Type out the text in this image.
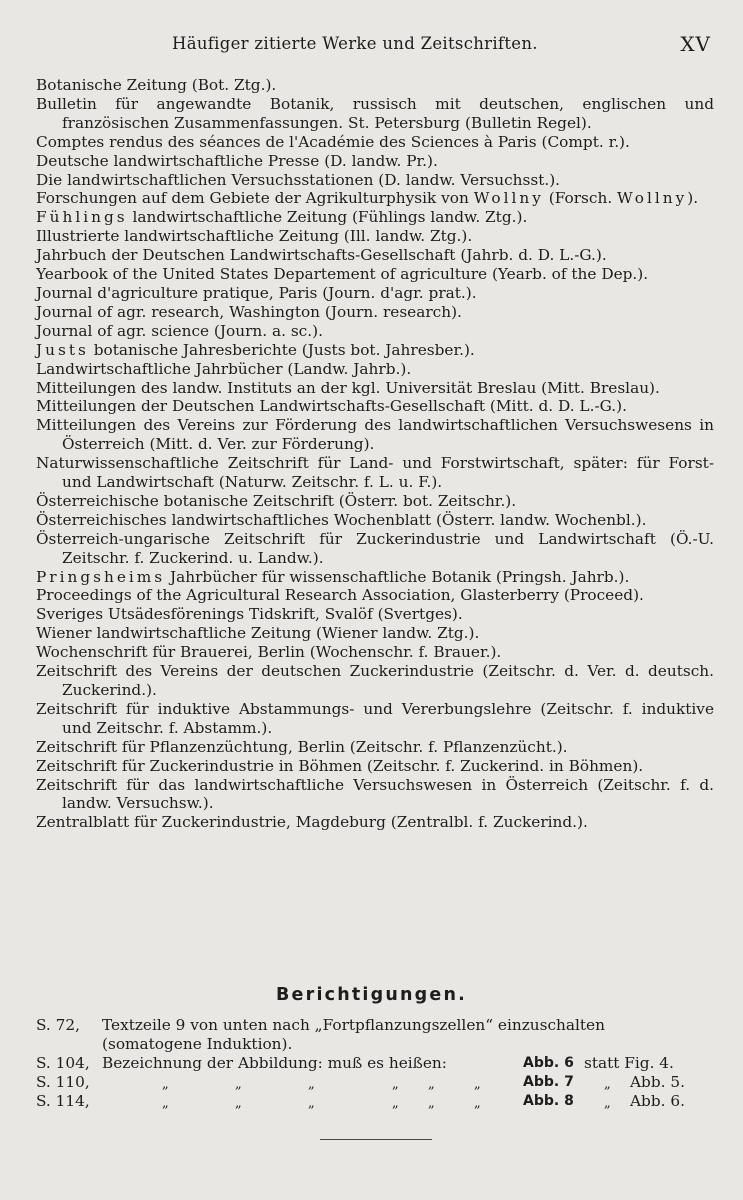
Häufiger zitierte Werke und Zeitschriften.	XV
Botanische Zeitung (Bot. Ztg.).
Bulletin für angewandte Botanik, russisch mit deutschen, englischen und französischen Zusammenfassungen. St. Petersburg (Bulletin Regel).
Comptes rendus des séances de l'Académie des Sciences à Paris (Compt. r.).
Deutsche landwirtschaftliche Presse (D. landw. Pr.).
Die landwirtschaftlichen Versuchsstationen (D. landw. Versuchsst.).
Forschungen auf dem Gebiete der Agrikulturphysik von Wollny (Forsch. Wollny).
Fühlings landwirtschaftliche Zeitung (Fühlings landw. Ztg.).
Illustrierte landwirtschaftliche Zeitung (Ill. landw. Ztg.).
Jahrbuch der Deutschen Landwirtschafts-Gesellschaft (Jahrb. d. D. L.-G.).
Yearbook of the United States Departement of agriculture (Yearb. of the Dep.).
Journal d'agriculture pratique, Paris (Journ. d'agr. prat.).
Journal of agr. research, Washington (Journ. research).
Journal of agr. science (Journ. a. sc.).
Justs botanische Jahresberichte (Justs bot. Jahresber.).
Landwirtschaftliche Jahrbücher (Landw. Jahrb.).
Mitteilungen des landw. Instituts an der kgl. Universität Breslau (Mitt. Breslau).
Mitteilungen der Deutschen Landwirtschafts-Gesellschaft (Mitt. d. D. L.-G.).
Mitteilungen des Vereins zur Förderung des landwirtschaftlichen Versuchswesens in Österreich (Mitt. d. Ver. zur Förderung).
Naturwissenschaftliche Zeitschrift für Land- und Forstwirtschaft, später: für Forst- und Landwirtschaft (Naturw. Zeitschr. f. L. u. F.).
Österreichische botanische Zeitschrift (Österr. bot. Zeitschr.).
Österreichisches landwirtschaftliches Wochenblatt (Österr. landw. Wochenbl.).
Österreich-ungarische Zeitschrift für Zuckerindustrie und Landwirtschaft (Ö.-U. Zeitschr. f. Zuckerind. u. Landw.).
Pringsheims Jahrbücher für wissenschaftliche Botanik (Pringsh. Jahrb.).
Proceedings of the Agricultural Research Association, Glasterberry (Proceed).
Sveriges Utsädesförenings Tidskrift, Svalöf (Svertges).
Wiener landwirtschaftliche Zeitung (Wiener landw. Ztg.).
Wochenschrift für Brauerei, Berlin (Wochenschr. f. Brauer.).
Zeitschrift des Vereins der deutschen Zuckerindustrie (Zeitschr. d. Ver. d. deutsch. Zuckerind.).
Zeitschrift für induktive Abstammungs- und Vererbungslehre (Zeitschr. f. induktive und Zeitschr. f. Abstamm.).
Zeitschrift für Pflanzenzüchtung, Berlin (Zeitschr. f. Pflanzenzücht.).
Zeitschrift für Zuckerindustrie in Böhmen (Zeitschr. f. Zuckerind. in Böhmen).
Zeitschrift für das landwirtschaftliche Versuchswesen in Österreich (Zeitschr. f. d. landw. Versuchsw.).
Zentralblatt für Zuckerindustrie, Magdeburg (Zentralbl. f. Zuckerind.).
Berichtigungen.
S. 72, Textzeile 9 von unten nach „Fortpflanzungszellen“ einzuschalten
(somatogene Induktion).
S. 104, Bezeichnung der Abbildung: muß es heißen:	Abb. 6 statt Fig. 4.
S. 110,	„	„	„	„ „	„	Abb. 7 „ Abb. 5.
S. 114,	„	„	„	„ „	„	Abb. 8 „ Abb. 6.
